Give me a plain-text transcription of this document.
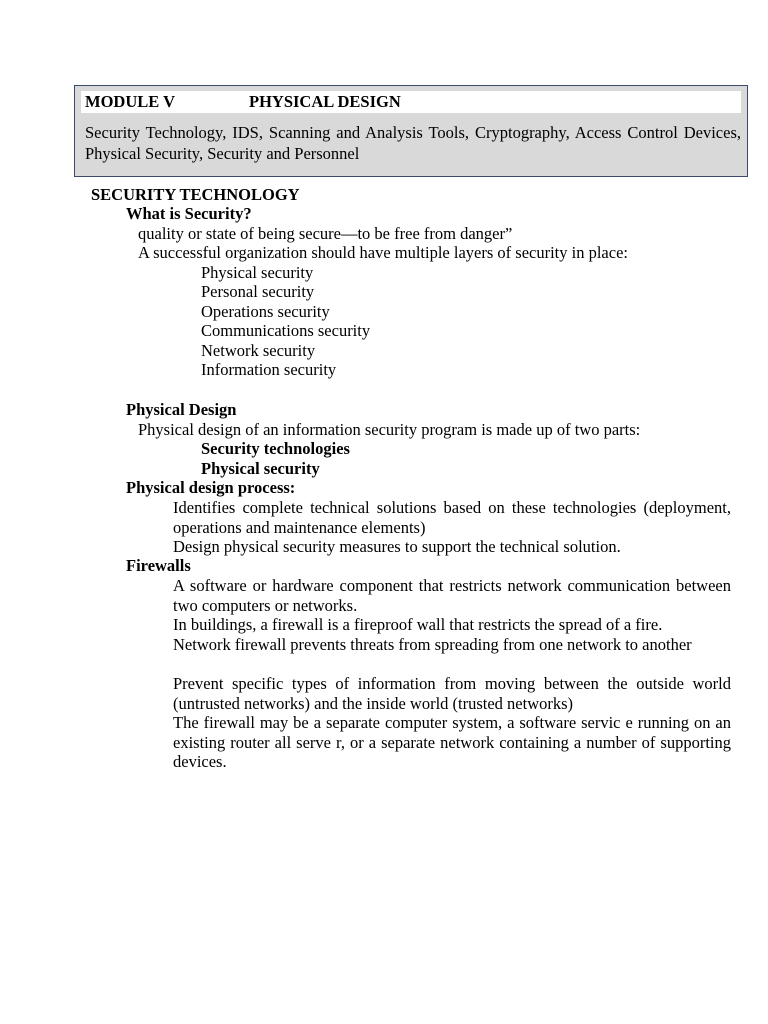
MODULE V	PHYSICAL DESIGN
Security Technology, IDS, Scanning and Analysis Tools, Cryptography, Access Control Devices, Physical Security, Security and Personnel
SECURITY TECHNOLOGY
What is Security?
quality or state of being secure—to be free from danger”
A successful organization should have multiple layers of security in place:
Physical security
Personal security
Operations security
Communications security
Network security
Information security
Physical Design
Physical design of an information security program is made up of two parts:
Security technologies
Physical security
Physical design process:
Identifies complete technical solutions based on these technologies (deployment, operations and maintenance elements)
Design physical security measures to support the technical solution.
Firewalls
A software or hardware component that restricts network communication between two computers or networks.
In buildings, a firewall is a fireproof wall that restricts the spread of a fire.
Network firewall prevents threats from spreading from one network to another
Prevent specific types of information from moving between the outside world (untrusted networks) and the inside world (trusted networks)
The firewall may be a separate computer system, a software servic e running on an existing router all serve r, or a separate network containing a number of supporting devices.
